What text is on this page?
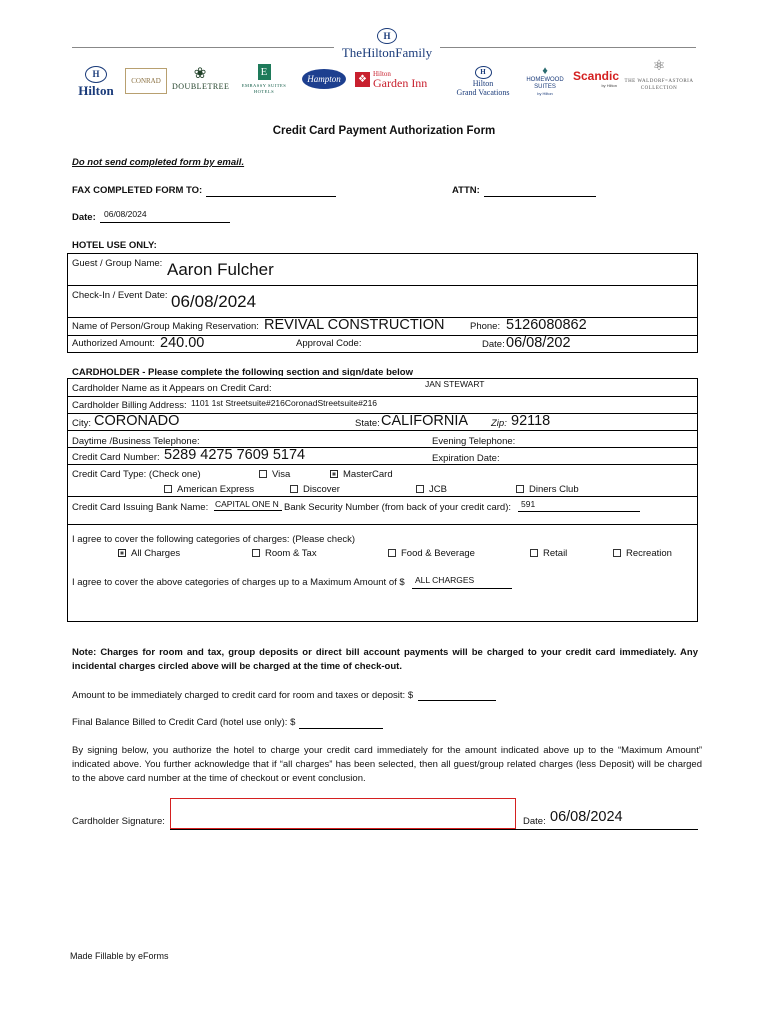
H
TheHiltonFamily
H
Hilton
CONRAD	❀
DOUBLETREE
E
EMBASSY SUITES HOTELS
Hampton	❖ Hilton
Garden Inn
H
Hilton
Grand Vacations
♦
HOMEWOOD SUITES
by Hilton
Scandic
by Hilton
⚛
THE WALDORF=ASTORIA COLLECTION
Credit Card Payment Authorization Form
Do not send completed form by email.
FAX COMPLETED FORM TO:	ATTN:
Date: 06/08/2024
HOTEL USE ONLY:
Guest / Group Name: Aaron Fulcher
Check-In / Event Date: 06/08/2024
Name of Person/Group Making Reservation: REVIVAL CONSTRUCTION	Phone: 5126080862
Authorized Amount: 240.00	Approval Code:	Date: 06/08/202
CARDHOLDER - Please complete the following section and sign/date below
Cardholder Name as it Appears on Credit Card:	JAN STEWART
Cardholder Billing Address: 1101 1st Streetsuite#216CoronadStreetsuite#216
City: CORONADO	State: CALIFORNIA Zip: 92118
Daytime /Business Telephone:	Evening Telephone:
Credit Card Number: 5289 4275 7609 5174	Expiration Date:
Credit Card Type: (Check one)	Visa	MasterCard
American Express	Discover	JCB	Diners Club
Credit Card Issuing Bank Name: CAPITAL ONE N Bank Security Number (from back of your credit card): 591
I agree to cover the following categories of charges: (Please check)
All Charges	Room & Tax	Food & Beverage	Retail	Recreation
I agree to cover the above categories of charges up to a Maximum Amount of $ ALL CHARGES
Note: Charges for room and tax, group deposits or direct bill account payments will be charged to your credit card immediately. Any incidental charges circled above will be charged at the time of check-out.
Amount to be immediately charged to credit card for room and taxes or deposit: $
Final Balance Billed to Credit Card (hotel use only): $
By signing below, you authorize the hotel to charge your credit card immediately for the amount indicated above up to the “Maximum Amount” indicated above. You further acknowledge that if “all charges” has been selected, then all guest/group related charges (less Deposit) will be charged to the above card number at the time of checkout or event conclusion.
Cardholder Signature:	Date: 06/08/2024
Made Fillable by eForms
